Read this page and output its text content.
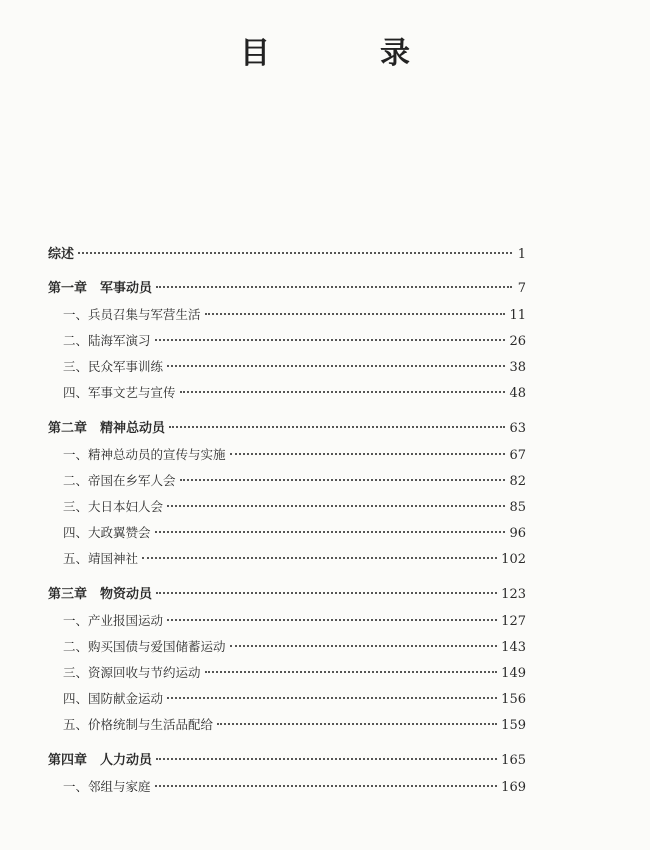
目　录
综述	1
第一章　军事动员	7
一、兵员召集与军营生活	11
二、陆海军演习	26
三、民众军事训练	38
四、军事文艺与宣传	48
第二章　精神总动员	63
一、精神总动员的宣传与实施	67
二、帝国在乡军人会	82
三、大日本妇人会	85
四、大政翼赞会	96
五、靖国神社	102
第三章　物资动员	123
一、产业报国运动	127
二、购买国债与爱国储蓄运动	143
三、资源回收与节约运动	149
四、国防献金运动	156
五、价格统制与生活品配给	159
第四章　人力动员	165
一、邻组与家庭	169
